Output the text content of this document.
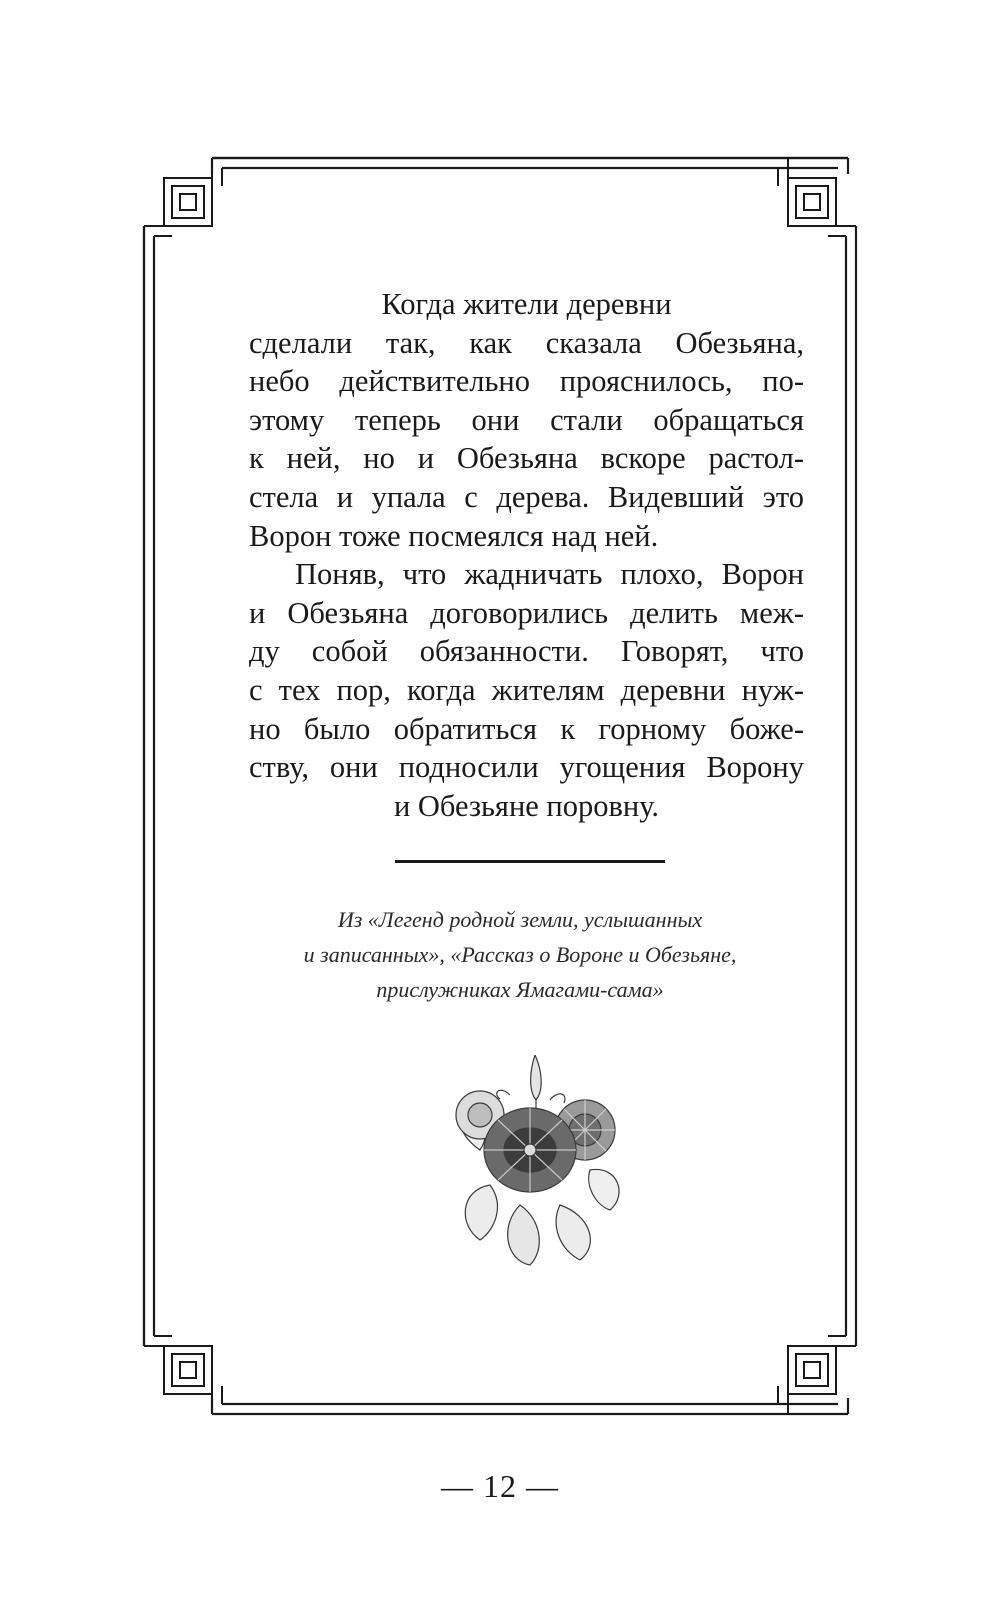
Когда жители деревни
сделали так, как сказала Обезьяна,
небо действительно прояснилось, по-
этому теперь они стали обращаться
к ней, но и Обезьяна вскоре растол-
стела и упала с дерева. Видевший это
Ворон тоже посмеялся над ней.
Поняв, что жадничать плохо, Ворон
и Обезьяна договорились делить меж-
ду собой обязанности. Говорят, что
с тех пор, когда жителям деревни нуж-
но было обратиться к горному боже-
ству, они подносили угощения Ворону
и Обезьяне поровну.
Из «Легенд родной земли, услышанных
и записанных», «Рассказ о Вороне и Обезьяне,
прислужниках Ямагами-сама»
— 12 —
